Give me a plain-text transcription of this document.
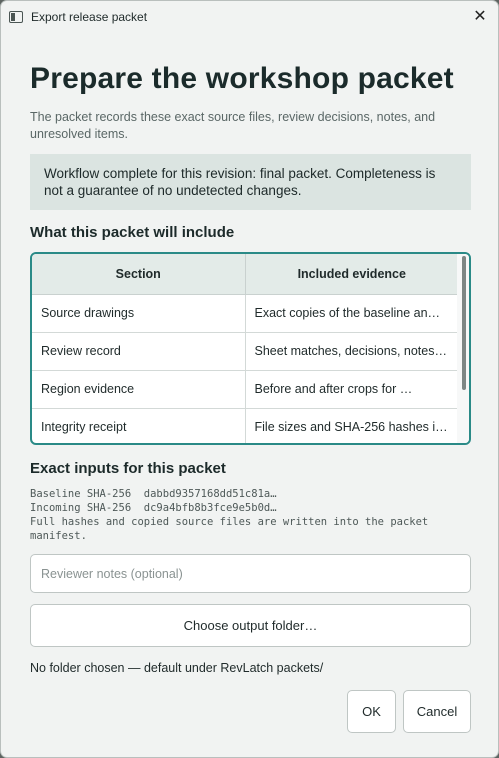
Export release packet	✕
Prepare the workshop packet

The packet records these exact source files, review decisions, notes, and unresolved items.

Workflow complete for this revision: final packet. Completeness is not a guarantee of no undetected changes.
What this packet will include
Section	Included evidence
Source drawings	Exact copies of the baseline an…
Review record	Sheet matches, decisions, notes…
Region evidence	Before and after crops for …
Integrity receipt	File sizes and SHA-256 hashes i…
Exact inputs for this packet
Baseline SHA-256  dabbd9357168dd51c81a…
Incoming SHA-256  dc9a4bfb8b3fce9e5b0d…
Full hashes and copied source files are written into the packet
manifest.
Reviewer notes (optional) Choose output folder…
No folder chosen — default under RevLatch packets/
OK	Cancel
